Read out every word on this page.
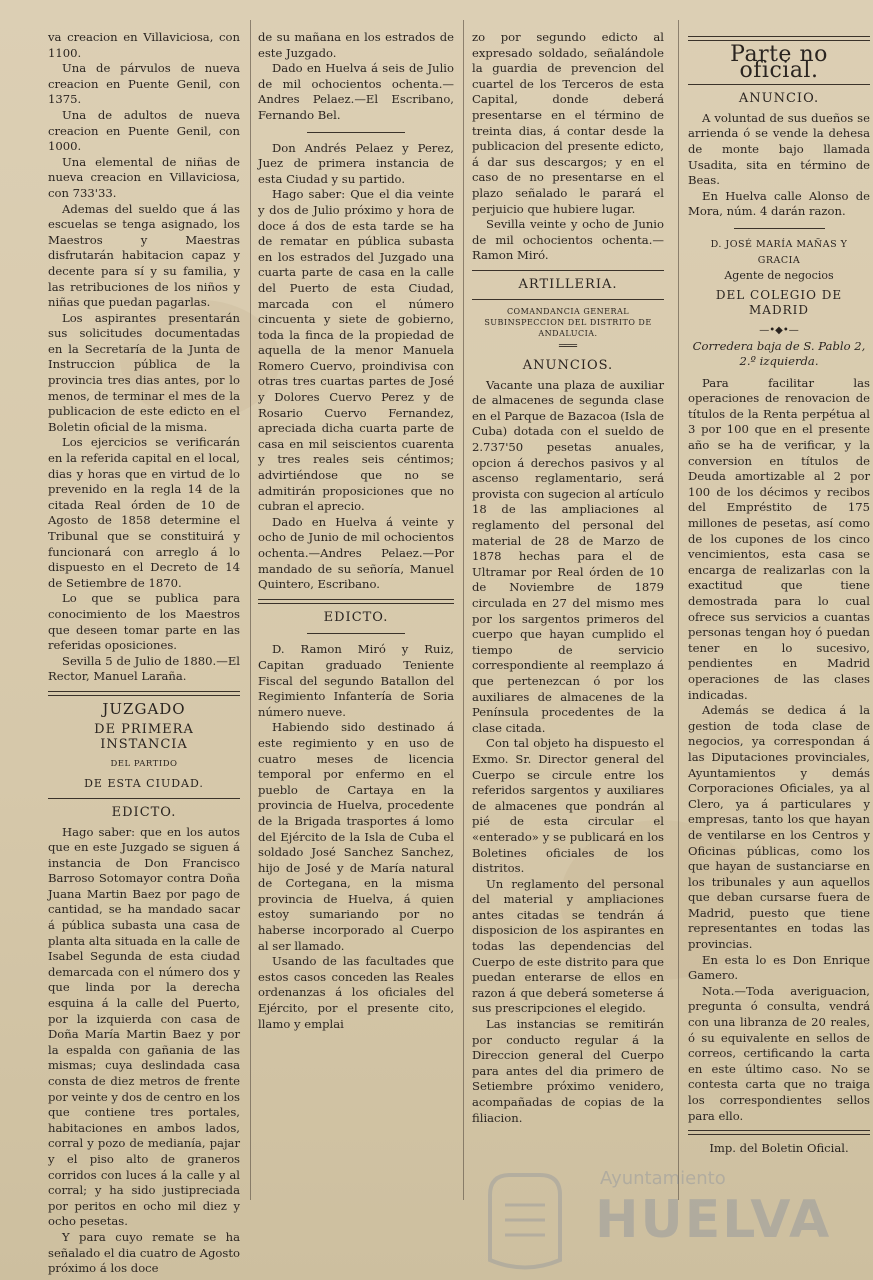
va creacion en Villaviciosa, con 1100.

Una de párvulos de nueva creacion en Puente Genil, con 1375.

Una de adultos de nueva creacion en Puente Genil, con 1000.

Una elemental de niñas de nueva creacion en Villaviciosa, con 733'33.

Ademas del sueldo que á las escuelas se tenga asignado, los Maestros y Maestras disfrutarán habitacion capaz y decente para sí y su familia, y las retribuciones de los niños y niñas que puedan pagarlas.

Los aspirantes presentarán sus solicitudes documentadas en la Secretaría de la Junta de Instruccion pública de la provincia tres dias antes, por lo menos, de terminar el mes de la publicacion de este edicto en el Boletin oficial de la misma.

Los ejercicios se verificarán en la referida capital en el local, dias y horas que en virtud de lo prevenido en la regla 14 de la citada Real órden de 10 de Agosto de 1858 determine el Tribunal que se constituirá y funcionará con arreglo á lo dispuesto en el Decreto de 14 de Setiembre de 1870.

Lo que se publica para conocimiento de los Maestros que deseen tomar parte en las referidas oposiciones.

Sevilla 5 de Julio de 1880.—El Rector, Manuel Laraña.

JUZGADO
DE PRIMERA INSTANCIA
DEL PARTIDO
DE ESTA CIUDAD.
EDICTO.

Hago saber: que en los autos que en este Juzgado se siguen á instancia de Don Francisco Barroso Sotomayor contra Doña Juana Martin Baez por pago de cantidad, se ha mandado sacar á pública subasta una casa de planta alta situada en la calle de Isabel Segunda de esta ciudad demarcada con el número dos y que linda por la derecha esquina á la calle del Puerto, por la izquierda con casa de Doña María Martin Baez y por la espalda con gañania de las mismas; cuya deslindada casa consta de diez metros de frente por veinte y dos de centro en los que contiene tres portales, habitaciones en ambos lados, corral y pozo de medianía, pajar y el piso alto de graneros corridos con luces á la calle y al corral; y ha sido justipreciada por peritos en ocho mil diez y ocho pesetas.

Y para cuyo remate se ha señalado el dia cuatro de Agosto próximo á los doce

de su mañana en los estrados de este Juzgado.

Dado en Huelva á seis de Julio de mil ochocientos ochenta.—Andres Pelaez.—El Escribano, Fernando Bel.

Don Andrés Pelaez y Perez, Juez de primera instancia de esta Ciudad y su partido.

Hago saber: Que el dia veinte y dos de Julio próximo y hora de doce á dos de esta tarde se ha de rematar en pública subasta en los estrados del Juzgado una cuarta parte de casa en la calle del Puerto de esta Ciudad, marcada con el número cincuenta y siete de gobierno, toda la finca de la propiedad de aquella de la menor Manuela Romero Cuervo, proindivisa con otras tres cuartas partes de José y Dolores Cuervo Perez y de Rosario Cuervo Fernandez, apreciada dicha cuarta parte de casa en mil seiscientos cuarenta y tres reales seis céntimos; advirtiéndose que no se admitirán proposiciones que no cubran el aprecio.

Dado en Huelva á veinte y ocho de Junio de mil ochocientos ochenta.—Andres Pelaez.—Por mandado de su señoría, Manuel Quintero, Escribano.

EDICTO.

D. Ramon Miró y Ruiz, Capitan graduado Teniente Fiscal del segundo Batallon del Regimiento Infantería de Soria número nueve.

Habiendo sido destinado á este regimiento y en uso de cuatro meses de licencia temporal por enfermo en el pueblo de Cartaya en la provincia de Huelva, procedente de la Brigada trasportes á lomo del Ejército de la Isla de Cuba el soldado José Sanchez Sanchez, hijo de José y de María natural de Cortegana, en la misma provincia de Huelva, á quien estoy sumariando por no haberse incorporado al Cuerpo al ser llamado.

Usando de las facultades que estos casos conceden las Reales ordenanzas á los oficiales del Ejército, por el presente cito, llamo y emplai

zo por segundo edicto al expresado soldado, señalándole la guardia de prevencion del cuartel de los Terceros de esta Capital, donde deberá presentarse en el término de treinta dias, á contar desde la publicacion del presente edicto, á dar sus descargos; y en el caso de no presentarse en el plazo señalado le parará el perjuicio que hubiere lugar.

Sevilla veinte y ocho de Junio de mil ochocientos ochenta.—Ramon Miró.

ARTILLERIA.
COMANDANCIA GENERAL SUBINSPECCION DEL DISTRITO DE ANDALUCIA.
═══
ANUNCIOS.

Vacante una plaza de auxiliar de almacenes de segunda clase en el Parque de Bazacoa (Isla de Cuba) dotada con el sueldo de 2.737'50 pesetas anuales, opcion á derechos pasivos y al ascenso reglamentario, será provista con sugecion al artículo 18 de las ampliaciones al reglamento del personal del material de 28 de Marzo de 1878 hechas para el de Ultramar por Real órden de 10 de Noviembre de 1879 circulada en 27 del mismo mes por los sargentos primeros del cuerpo que hayan cumplido el tiempo de servicio correspondiente al reemplazo á que pertenezcan ó por los auxiliares de almacenes de la Península procedentes de la clase citada.

Con tal objeto ha dispuesto el Exmo. Sr. Director general del Cuerpo se circule entre los referidos sargentos y auxiliares de almacenes que pondrán al pié de esta circular el «enterado» y se publicará en los Boletines oficiales de los distritos.

Un reglamento del personal del material y ampliaciones antes citadas se tendrán á disposicion de los aspirantes en todas las dependencias del Cuerpo de este distrito para que puedan enterarse de ellos en razon á que deberá someterse á sus prescripciones el elegido.

Las instancias se remitirán por conducto regular á la Direccion general del Cuerpo para antes del dia primero de Setiembre próximo venidero, acompañadas de copias de la filiacion.

Parte no oficial.
ANUNCIO.

A voluntad de sus dueños se arrienda ó se vende la dehesa de monte bajo llamada Usadita, sita en término de Beas.

En Huelva calle Alonso de Mora, núm. 4 darán razon.

D. JOSÉ MARÍA MAÑAS Y GRACIA
Agente de negocios
DEL COLEGIO DE MADRID
—•◆•—
Corredera baja de S. Pablo 2, 2.º izquierda.

Para facilitar las operaciones de renovacion de títulos de la Renta perpétua al 3 por 100 que en el presente año se ha de verificar, y la conversion en títulos de Deuda amortizable al 2 por 100 de los décimos y recibos del Empréstito de 175 millones de pesetas, así como de los cupones de los cinco vencimientos, esta casa se encarga de realizarlas con la exactitud que tiene demostrada para lo cual ofrece sus servicios a cuantas personas tengan hoy ó puedan tener en lo sucesivo, pendientes en Madrid operaciones de las clases indicadas.

Además se dedica á la gestion de toda clase de negocios, ya correspondan á las Diputaciones provinciales, Ayuntamientos y demás Corporaciones Oficiales, ya al Clero, ya á particulares y empresas, tanto los que hayan de ventilarse en los Centros y Oficinas públicas, como los que hayan de sustanciarse en los tribunales y aun aquellos que deban cursarse fuera de Madrid, puesto que tiene representantes en todas las provincias.

En esta lo es Don Enrique Gamero.

Nota.—Toda averiguacion, pregunta ó consulta, vendrá con una libranza de 20 reales, ó su equivalente en sellos de correos, certificando la carta en este último caso. No se contesta carta que no traiga los correspondientes sellos para ello.

Imp. del Boletin Oficial.
Ayuntamiento
HUELVA
